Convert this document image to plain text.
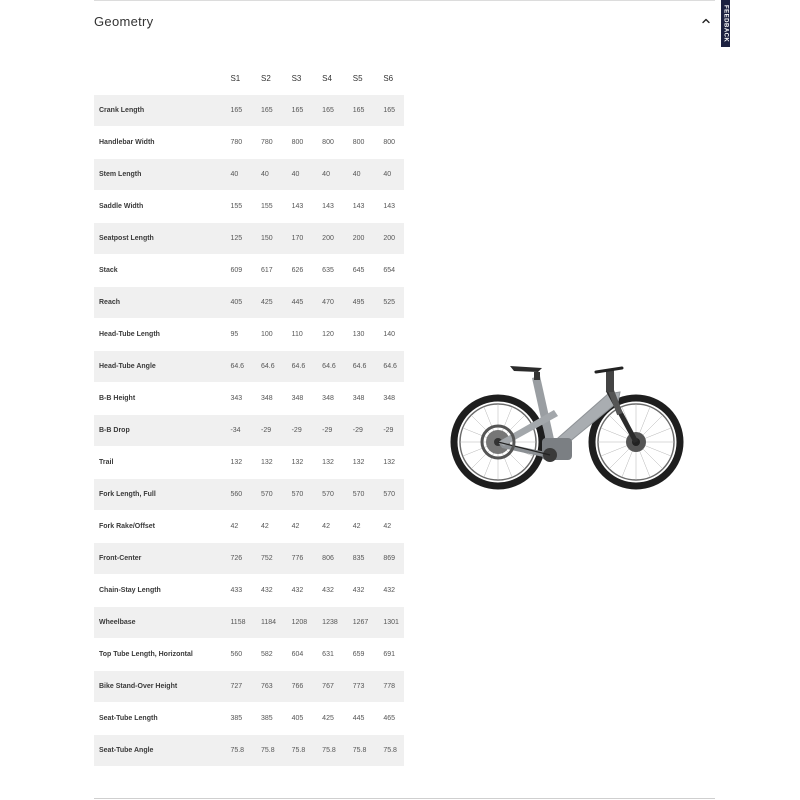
Geometry	FEEDBACK
	S1	S2	S3	S4	S5	S6
Crank Length	165	165	165	165	165	165
Handlebar Width	780	780	800	800	800	800
Stem Length	40	40	40	40	40	40
Saddle Width	155	155	143	143	143	143
Seatpost Length	125	150	170	200	200	200
Stack	609	617	626	635	645	654
Reach	405	425	445	470	495	525
Head-Tube Length	95	100	110	120	130	140
Head-Tube Angle	64.6	64.6	64.6	64.6	64.6	64.6
B-B Height	343	348	348	348	348	348
B-B Drop	-34	-29	-29	-29	-29	-29
Trail	132	132	132	132	132	132
Fork Length, Full	560	570	570	570	570	570
Fork Rake/Offset	42	42	42	42	42	42
Front-Center	726	752	776	806	835	869
Chain-Stay Length	433	432	432	432	432	432
Wheelbase	1158	1184	1208	1238	1267	1301
Top Tube Length, Horizontal	560	582	604	631	659	691
Bike Stand-Over Height	727	763	766	767	773	778
Seat-Tube Length	385	385	405	425	445	465
Seat-Tube Angle	75.8	75.8	75.8	75.8	75.8	75.8
